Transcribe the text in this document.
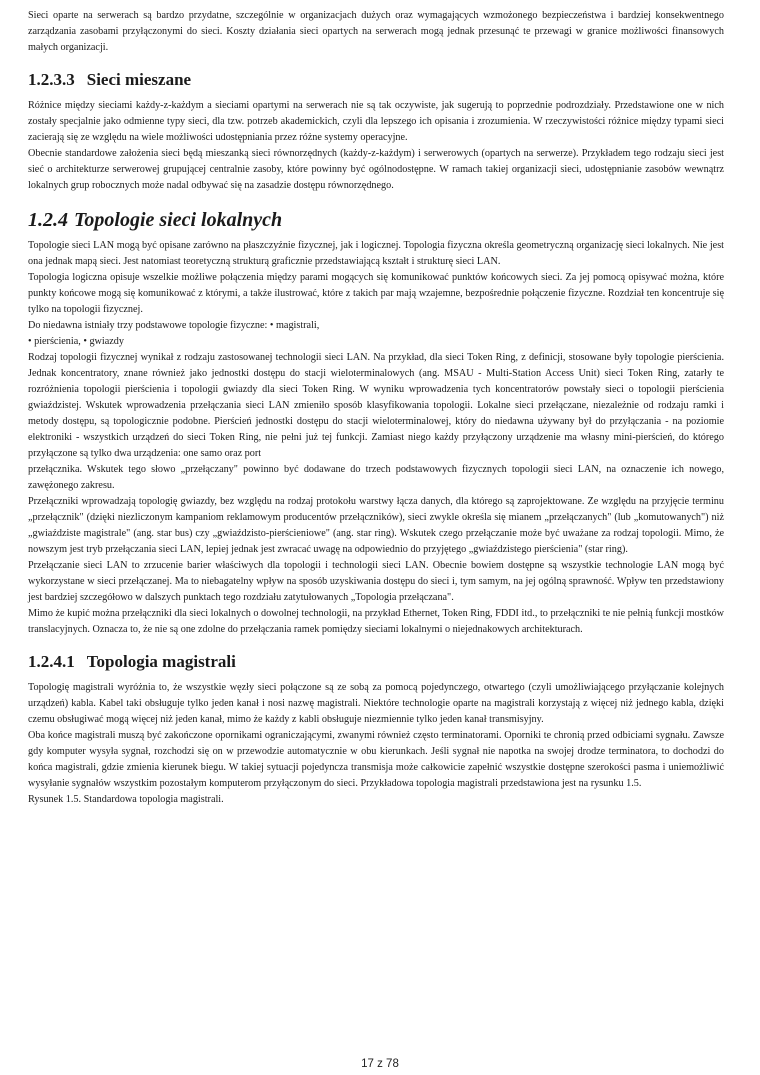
Sieci oparte na serwerach są bardzo przydatne, szczególnie w organizacjach dużych oraz wymagających wzmożonego bezpieczeństwa i bardziej konsekwentnego zarządzania zasobami przyłączonymi do sieci. Koszty działania sieci opartych na serwerach mogą jednak przesunąć te przewagi w granice możliwości finansowych małych organizacji.

1.2.3.3 Sieci mieszane

Różnice między sieciami każdy-z-każdym a sieciami opartymi na serwerach nie są tak oczywiste, jak sugerują to poprzednie podrozdziały. Przedstawione one w nich zostały specjalnie jako odmienne typy sieci, dla tzw. potrzeb akademickich, czyli dla lepszego ich opisania i zrozumienia. W rzeczywistości różnice między typami sieci zacierają się ze względu na wiele możliwości udostępniania przez różne systemy operacyjne.

Obecnie standardowe założenia sieci będą mieszanką sieci równorzędnych (każdy-z-każdym) i serwerowych (opartych na serwerze). Przykładem tego rodzaju sieci jest sieć o architekturze serwerowej grupującej centralnie zasoby, które powinny być ogólnodostępne. W ramach takiej organizacji sieci, udostępnianie zasobów wewnątrz lokalnych grup robocznych może nadal odbywać się na zasadzie dostępu równorzędnego.

1.2.4 Topologie sieci lokalnych

Topologie sieci LAN mogą być opisane zarówno na płaszczyźnie fizycznej, jak i logicznej. Topologia fizyczna określa geometryczną organizację sieci lokalnych. Nie jest ona jednak mapą sieci. Jest natomiast teoretyczną strukturą graficznie przedstawiającą kształt i strukturę sieci LAN.

Topologia logiczna opisuje wszelkie możliwe połączenia między parami mogących się komunikować punktów końcowych sieci. Za jej pomocą opisywać można, które punkty końcowe mogą się komunikować z którymi, a także ilustrować, które z takich par mają wzajemne, bezpośrednie połączenie fizyczne. Rozdział ten koncentruje się tylko na topologii fizycznej.

Do niedawna istniały trzy podstawowe topologie fizyczne: • magistrali,

• pierścienia, • gwiazdy

Rodzaj topologii fizycznej wynikał z rodzaju zastosowanej technologii sieci LAN. Na przykład, dla sieci Token Ring, z definicji, stosowane były topologie pierścienia. Jednak koncentratory, znane również jako jednostki dostępu do stacji wieloterminalowych (ang. MSAU - Multi-Station Access Unit) sieci Token Ring, zatarły te rozróżnienia topologii pierścienia i topologii gwiazdy dla sieci Token Ring. W wyniku wprowadzenia tych koncentratorów powstały sieci o topologii pierścienia gwiaździstej. Wskutek wprowadzenia przełączania sieci LAN zmieniło sposób klasyfikowania topologii. Lokalne sieci przełączane, niezależnie od rodzaju ramki i metody dostępu, są topologicznie podobne. Pierścień jednostki dostępu do stacji wieloterminalowej, który do niedawna używany był do przyłączania - na poziomie elektroniki - wszystkich urządzeń do sieci Token Ring, nie pełni już tej funkcji. Zamiast niego każdy przyłączony urządzenie ma własny mini-pierścień, do którego przyłączone są tylko dwa urządzenia: one samo oraz port

przełącznika. Wskutek tego słowo „przełączany" powinno być dodawane do trzech podstawowych fizycznych topologii sieci LAN, na oznaczenie ich nowego, zawężonego zakresu.

Przełączniki wprowadzają topologię gwiazdy, bez względu na rodzaj protokołu warstwy łącza danych, dla którego są zaprojektowane. Ze względu na przyjęcie terminu „przełącznik" (dzięki niezliczonym kampaniom reklamowym producentów przełączników), sieci zwykle określa się mianem „przełączanych" (lub „komutowanych") niż „gwiaździste magistrale" (ang. star bus) czy „gwiaździsto-pierścieniowe" (ang. star ring). Wskutek czego przełączanie może być uważane za rodzaj topologii. Mimo, że nowszym jest tryb przełączania sieci LAN, lepiej jednak jest zwracać uwagę na odpowiednio do przyjętego „gwiaździstego pierścienia" (star ring).

Przełączanie sieci LAN to zrzucenie barier właściwych dla topologii i technologii sieci LAN. Obecnie bowiem dostępne są wszystkie technologie LAN mogą być wykorzystane w sieci przełączanej. Ma to niebagatelny wpływ na sposób uzyskiwania dostępu do sieci i, tym samym, na jej ogólną sprawność. Wpływ ten przedstawiony jest bardziej szczegółowo w dalszych punktach tego rozdziału zatytułowanych „Topologia przełączana".

Mimo że kupić można przełączniki dla sieci lokalnych o dowolnej technologii, na przykład Ethernet, Token Ring, FDDI itd., to przełączniki te nie pełnią funkcji mostków translacyjnych. Oznacza to, że nie są one zdolne do przełączania ramek pomiędzy sieciami lokalnymi o niejednakowych architekturach.

1.2.4.1 Topologia magistrali

Topologię magistrali wyróżnia to, że wszystkie węzły sieci połączone są ze sobą za pomocą pojedynczego, otwartego (czyli umożliwiającego przyłączanie kolejnych urządzeń) kabla. Kabel taki obsługuje tylko jeden kanał i nosi nazwę magistrali. Niektóre technologie oparte na magistrali korzystają z więcej niż jednego kabla, dzięki czemu obsługiwać mogą więcej niż jeden kanał, mimo że każdy z kabli obsługuje niezmiennie tylko jeden kanał transmisyjny.

Oba końce magistrali muszą być zakończone opornikami ograniczającymi, zwanymi również często terminatorami. Oporniki te chronią przed odbiciami sygnału. Zawsze gdy komputer wysyła sygnał, rozchodzi się on w przewodzie automatycznie w obu kierunkach. Jeśli sygnał nie napotka na swojej drodze terminatora, to dochodzi do końca magistrali, gdzie zmienia kierunek biegu. W takiej sytuacji pojedyncza transmisja może całkowicie zapełnić wszystkie dostępne szerokości pasma i uniemożliwić wysyłanie sygnałów wszystkim pozostałym komputerom przyłączonym do sieci. Przykładowa topologia magistrali przedstawiona jest na rysunku 1.5.

Rysunek 1.5. Standardowa topologia magistrali.

17 z 78
